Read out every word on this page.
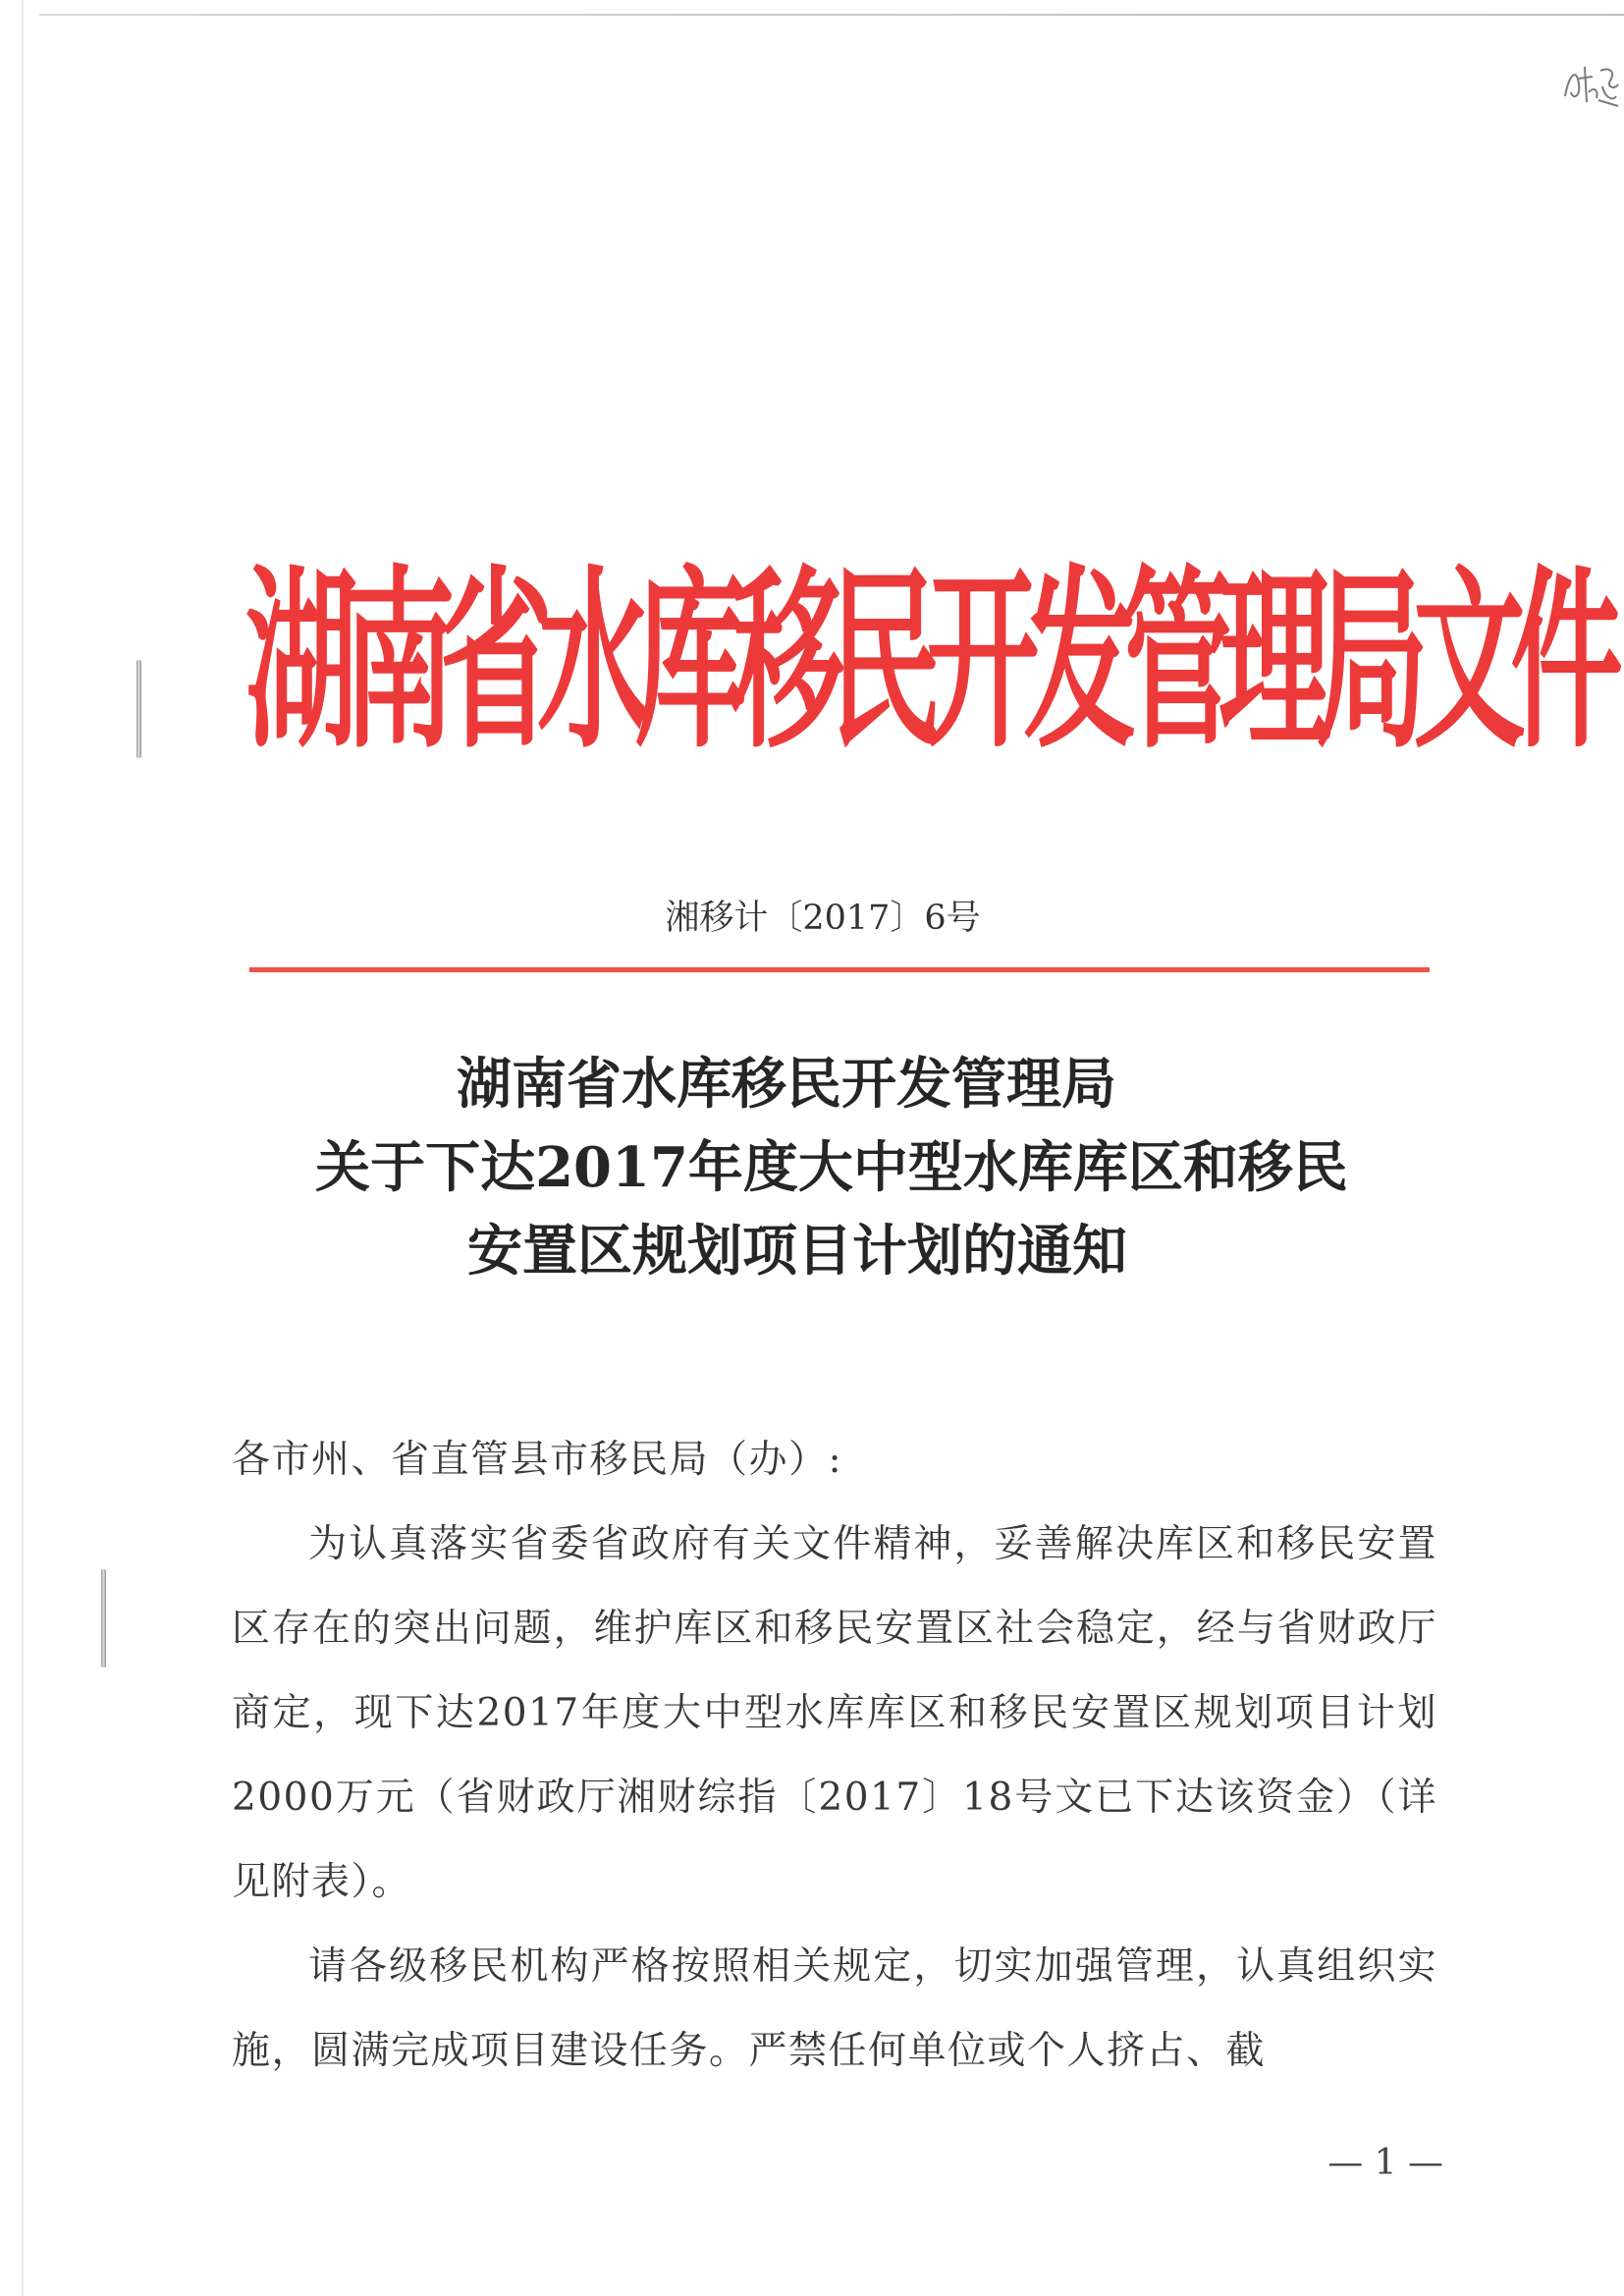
湖南省水库移民开发管理局文件

湘移计〔2017〕6号

湖南省水库移民开发管理局
关于下达2017年度大中型水库库区和移民
安置区规划项目计划的通知

各市州、省直管县市移民局（办）:

为认真落实省委省政府有关文件精神，妥善解决库区和移民安置区存在的突出问题，维护库区和移民安置区社会稳定，经与省财政厅商定，现下达2017年度大中型水库库区和移民安置区规划项目计划2000万元（省财政厅湘财综指〔2017〕18号文已下达该资金）（详见附表）。

请各级移民机构严格按照相关规定，切实加强管理，认真组织实施，圆满完成项目建设任务。严禁任何单位或个人挤占、截

— 1 —
